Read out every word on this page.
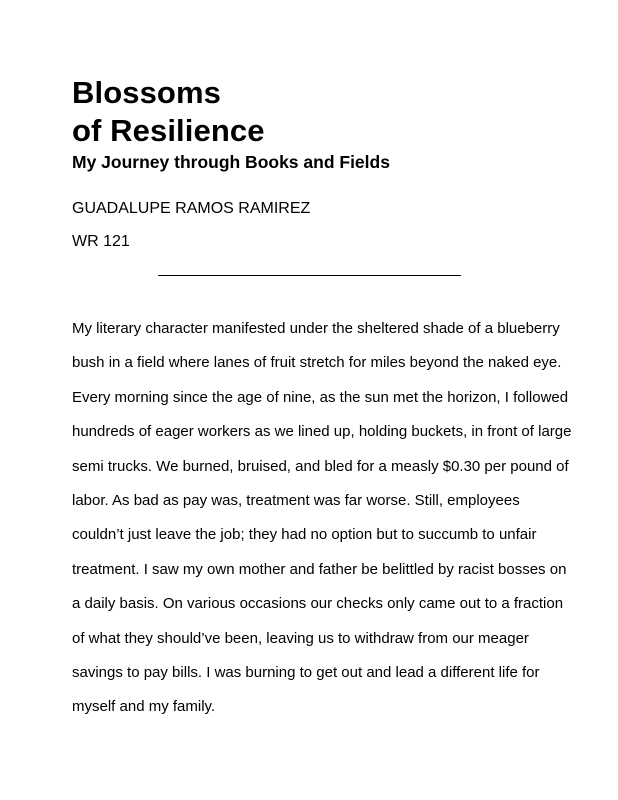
Blossoms
of Resilience
My Journey through Books and Fields
GUADALUPE RAMOS RAMIREZ
WR 121
My literary character manifested under the sheltered shade of a blueberry
bush in a field where lanes of fruit stretch for miles beyond the naked eye.
Every morning since the age of nine, as the sun met the horizon, I followed
hundreds of eager workers as we lined up, holding buckets, in front of large
semi trucks. We burned, bruised, and bled for a measly $0.30 per pound of
labor. As bad as pay was, treatment was far worse. Still, employees
couldn’t just leave the job; they had no option but to succumb to unfair
treatment. I saw my own mother and father be belittled by racist bosses on
a daily basis. On various occasions our checks only came out to a fraction
of what they should’ve been, leaving us to withdraw from our meager
savings to pay bills. I was burning to get out and lead a different life for
myself and my family.
